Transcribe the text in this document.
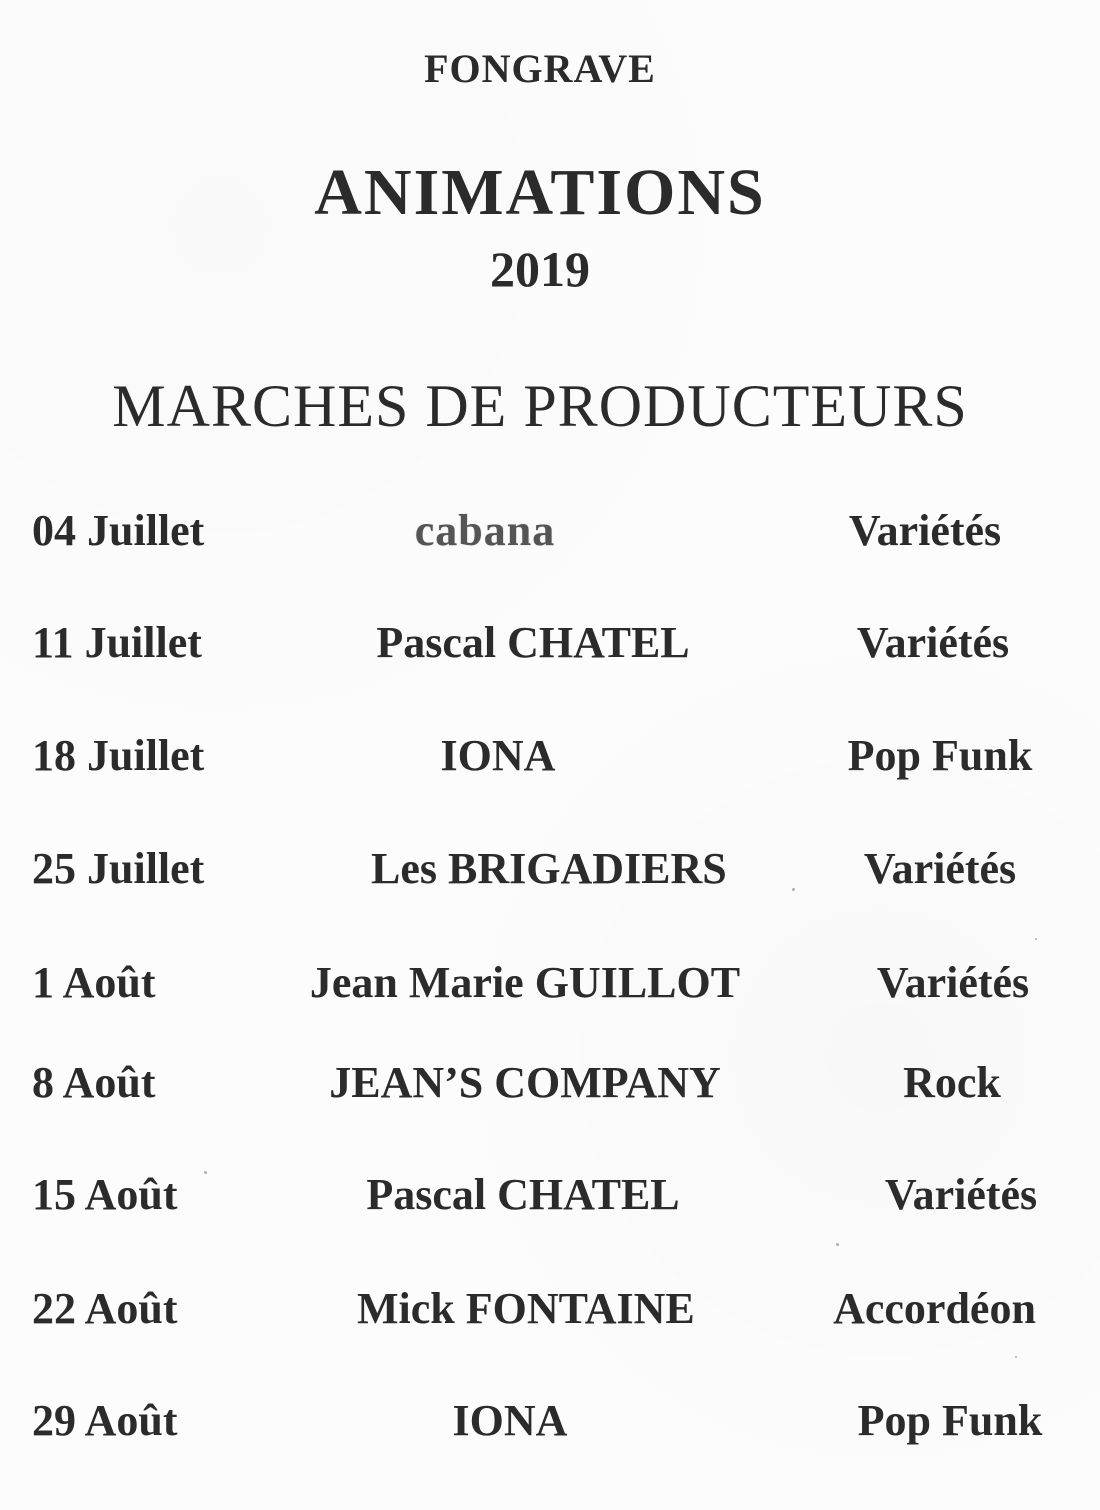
FONGRAVE
ANIMATIONS
2019
MARCHES DE PRODUCTEURS
04 Juillet	cabana	Variétés
11 Juillet	Pascal CHATEL	Variétés
18 Juillet	IONA	Pop Funk
25 Juillet	Les BRIGADIERS	Variétés
1 Août	Jean Marie GUILLOT	Variétés
8 Août	JEAN’S COMPANY	Rock
15 Août	Pascal CHATEL	Variétés
22 Août	Mick FONTAINE	Accordéon
29 Août	IONA	Pop Funk
